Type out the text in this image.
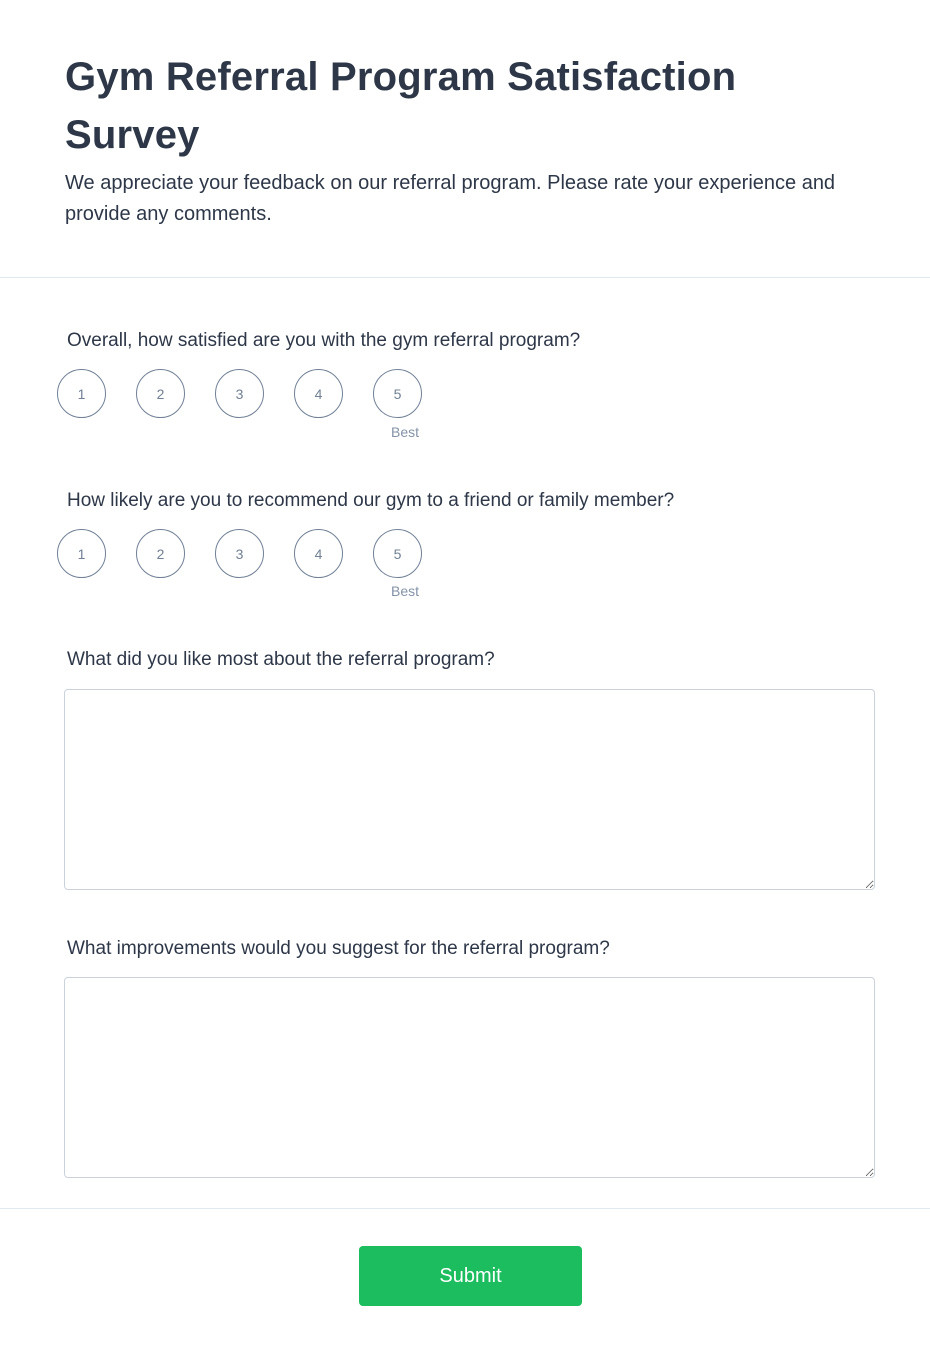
Gym Referral Program Satisfaction Survey

We appreciate your feedback on our referral program. Please rate your experience and provide any comments.

Overall, how satisfied are you with the gym referral program?
1	2	3	4	5
Best
How likely are you to recommend our gym to a friend or family member?
1	2	3	4	5
Best
What did you like most about the referral program?
What improvements would you suggest for the referral program?
Submit
